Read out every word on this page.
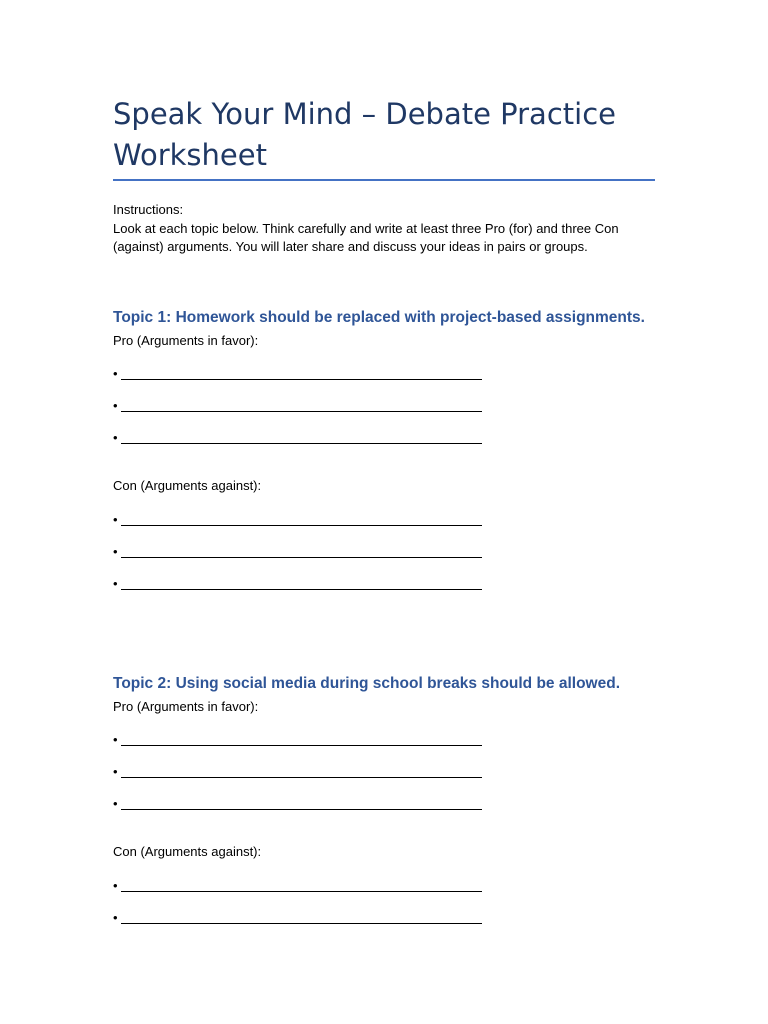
Speak Your Mind – Debate Practice Worksheet

Instructions:

Look at each topic below. Think carefully and write at least three Pro (for) and three Con (against) arguments. You will later share and discuss your ideas in pairs or groups.

Topic 1: Homework should be replaced with project-based assignments.
Pro (Arguments in favor):
•
•
•
Con (Arguments against):
•
•
•
Topic 2: Using social media during school breaks should be allowed.
Pro (Arguments in favor):
•
•
•
Con (Arguments against):
•
•
